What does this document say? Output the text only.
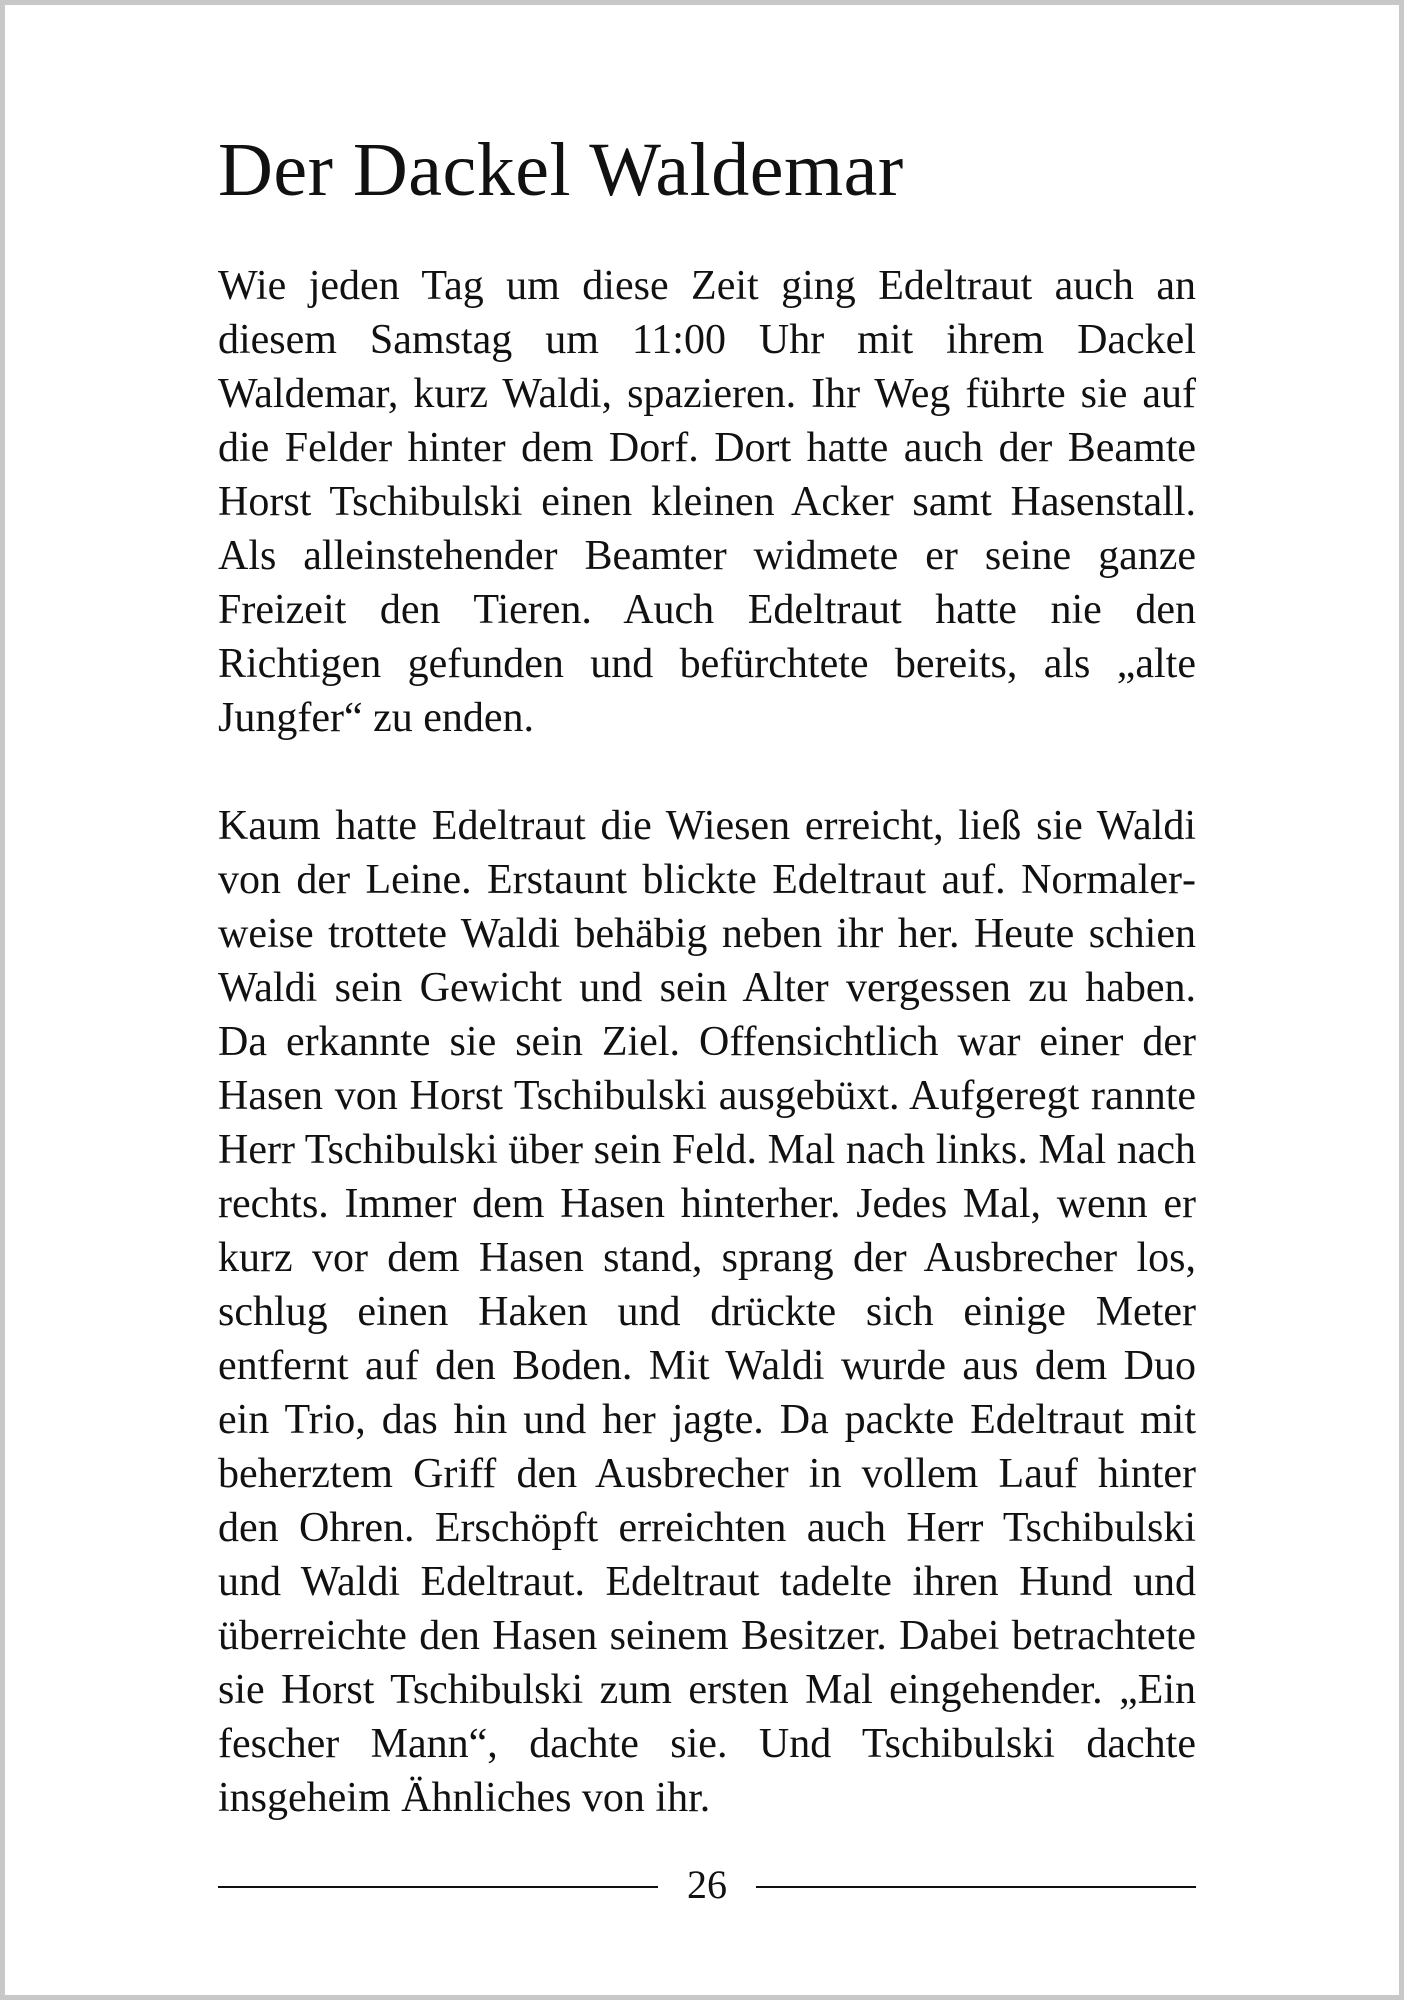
Der Dackel Waldemar

Wie jeden Tag um diese Zeit ging Edeltraut auch an diesem Samstag um 11:00 Uhr mit ihrem Dackel Waldemar, kurz Waldi, spazieren. Ihr Weg führte sie auf die Felder hinter dem Dorf. Dort hatte auch der Beamte Horst Tschibulski einen kleinen Acker samt Hasenstall. Als alleinstehender Beamter widmete er seine ganze Freizeit den Tieren. Auch Edeltraut hatte nie den Richtigen gefunden und befürchtete bereits, als „alte Jungfer“ zu enden.

Kaum hatte Edeltraut die Wiesen erreicht, ließ sie Waldi von der Leine. Erstaunt blickte Edeltraut auf. Normalerweise trottete Waldi behäbig neben ihr her. Heute schien Waldi sein Gewicht und sein Alter vergessen zu haben. Da erkannte sie sein Ziel. Offensichtlich war einer der Hasen von Horst Tschibulski ausgebüxt. Aufgeregt rannte Herr Tschibulski über sein Feld. Mal nach links. Mal nach rechts. Immer dem Hasen hinterher. Jedes Mal, wenn er kurz vor dem Hasen stand, sprang der Ausbrecher los, schlug einen Haken und drückte sich einige Meter entfernt auf den Boden. Mit Waldi wurde aus dem Duo ein Trio, das hin und her jagte. Da packte Edeltraut mit beherztem Griff den Ausbrecher in vollem Lauf hinter den Ohren. Erschöpft erreichten auch Herr Tschibulski und Waldi Edeltraut. Edeltraut tadelte ihren Hund und überreichte den Hasen seinem Besitzer. Dabei betrachtete sie Horst Tschibulski zum ersten Mal eingehender. „Ein fescher Mann“, dachte sie. Und Tschibulski dachte insgeheim Ähnliches von ihr.

26
